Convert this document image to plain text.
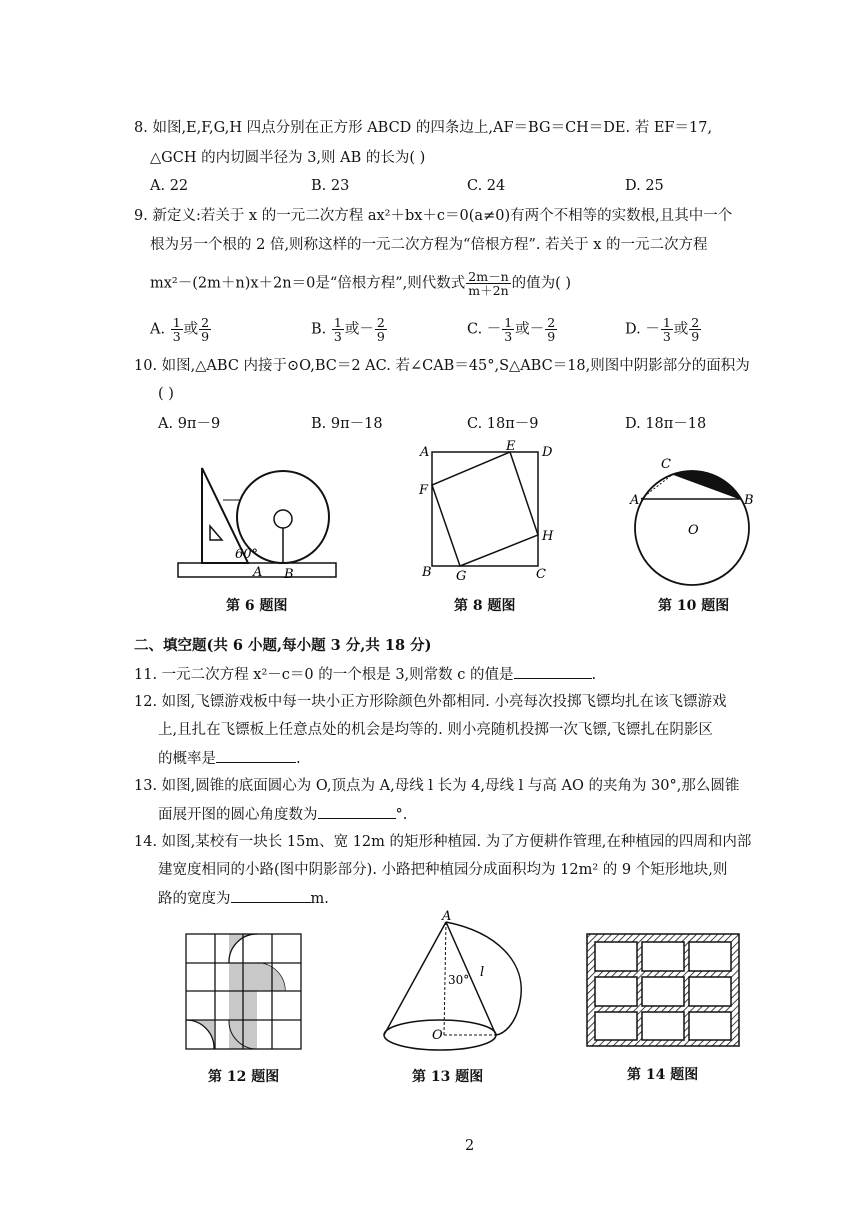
8. 如图,E,F,G,H 四点分别在正方形 ABCD 的四条边上,AF＝BG＝CH＝DE. 若 EF＝17,
△GCH 的内切圆半径为 3,则 AB 的长为( )
A. 22	B. 23	C. 24	D. 25
9. 新定义:若关于 x 的一元二次方程 ax²＋bx＋c＝0(a≠0)有两个不相等的实数根,且其中一个
根为另一个根的 2 倍,则称这样的一元二次方程为“倍根方程”. 若关于 x 的一元二次方程
mx²－(2m＋n)x＋2n＝0是“倍根方程”,则代数式 $\frac{2m-n}{m+2n}$ 的值为( )
A. $\frac{1}{3}$ 或 $\frac{2}{9}$	B. $\frac{1}{3}$ 或－ $\frac{2}{9}$	C. － $\frac{1}{3}$ 或－ $\frac{2}{9}$	D. － $\frac{1}{3}$ 或 $\frac{2}{9}$
10. 如图,△ABC 内接于⊙O,BC＝2 AC. 若∠CAB＝45°,S△ABC＝18,则图中阴影部分的面积为
( )
A. 9π－9	B. 9π－18	C. 18π－9	D. 18π－18
60°
A B
第 6 题图
A	E D
F
H
B G	C
第 8 题图
C
A	B
O
第 10 题图
二、填空题(共 6 小题,每小题 3 分,共 18 分)
11. 一元二次方程 x²－c＝0 的一个根是 3,则常数 c 的值是	.
12. 如图,飞镖游戏板中每一块小正方形除颜色外都相同. 小亮每次投掷飞镖均扎在该飞镖游戏
上,且扎在飞镖板上任意点处的机会是均等的. 则小亮随机投掷一次飞镖,飞镖扎在阴影区
的概率是	.
13. 如图,圆锥的底面圆心为 O,顶点为 A,母线 l 长为 4,母线 l 与高 AO 的夹角为 30°,那么圆锥
面展开图的圆心角度数为	°.
14. 如图,某校有一块长 15m、宽 12m 的矩形种植园. 为了方便耕作管理,在种植园的四周和内部
建宽度相同的小路(图中阴影部分). 小路把种植园分成面积均为 12m² 的 9 个矩形地块,则
路的宽度为	m.
第 12 题图
A
30° l
O
第 13 题图	第 14 题图
2
